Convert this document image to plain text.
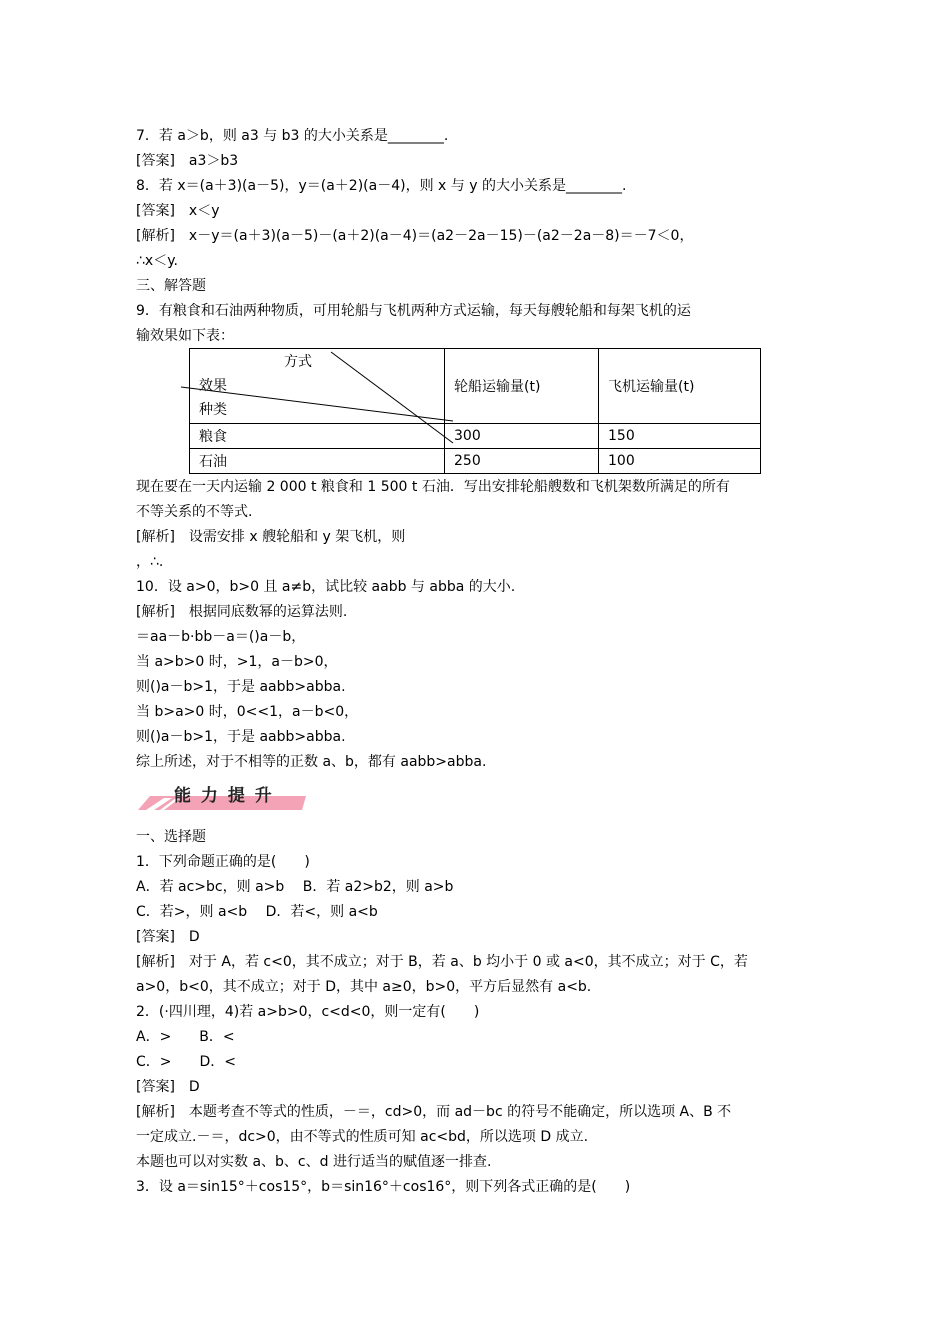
7．若 a＞b，则 a3 与 b3 的大小关系是________.
[答案]　a3＞b3
8．若 x＝(a＋3)(a－5)，y＝(a＋2)(a－4)，则 x 与 y 的大小关系是________.
[答案]　x＜y
[解析]　x－y＝(a＋3)(a－5)－(a＋2)(a－4)＝(a2－2a－15)－(a2－2a－8)＝－7＜0，
∴x＜y.
三、解答题
9．有粮食和石油两种物质，可用轮船与飞机两种方式运输，每天每艘轮船和每架飞机的运
输效果如下表：
方式
效果
种类	轮船运输量(t)	飞机运输量(t)
粮食	300	150
石油	250	100
现在要在一天内运输 2 000 t 粮食和 1 500 t 石油．写出安排轮船艘数和飞机架数所满足的所有
不等关系的不等式.
[解析]　设需安排 x 艘轮船和 y 架飞机，则
，∴.
10．设 a>0，b>0 且 a≠b，试比较 aabb 与 abba 的大小.
[解析]　根据同底数幂的运算法则.
＝aa－b·bb－a＝()a－b，
当 a>b>0 时，>1，a－b>0，
则()a－b>1，于是 aabb>abba.
当 b>a>0 时，0<<1，a－b<0，
则()a－b>1，于是 aabb>abba.
综上所述，对于不相等的正数 a、b，都有 aabb>abba.
能 力 提 升
一、选择题
1．下列命题正确的是(　　)
A．若 ac>bc，则 a>b　 B．若 a2>b2，则 a>b
C．若>，则 a<b　 D．若<，则 a<b
[答案]　D
[解析]　对于 A，若 c<0，其不成立；对于 B，若 a、b 均小于 0 或 a<0，其不成立；对于 C，若
a>0，b<0，其不成立；对于 D，其中 a≥0，b>0，平方后显然有 a<b.
2．(·四川理，4)若 a>b>0，c<d<0，则一定有(　　)
A．>　　B．<
C．>　　D．<
[答案]　D
[解析]　本题考查不等式的性质，－＝，cd>0，而 ad－bc 的符号不能确定，所以选项 A、B 不
一定成立.－＝，dc>0，由不等式的性质可知 ac<bd，所以选项 D 成立.
本题也可以对实数 a、b、c、d 进行适当的赋值逐一排查.
3．设 a＝sin15°＋cos15°，b＝sin16°＋cos16°，则下列各式正确的是(　　)
